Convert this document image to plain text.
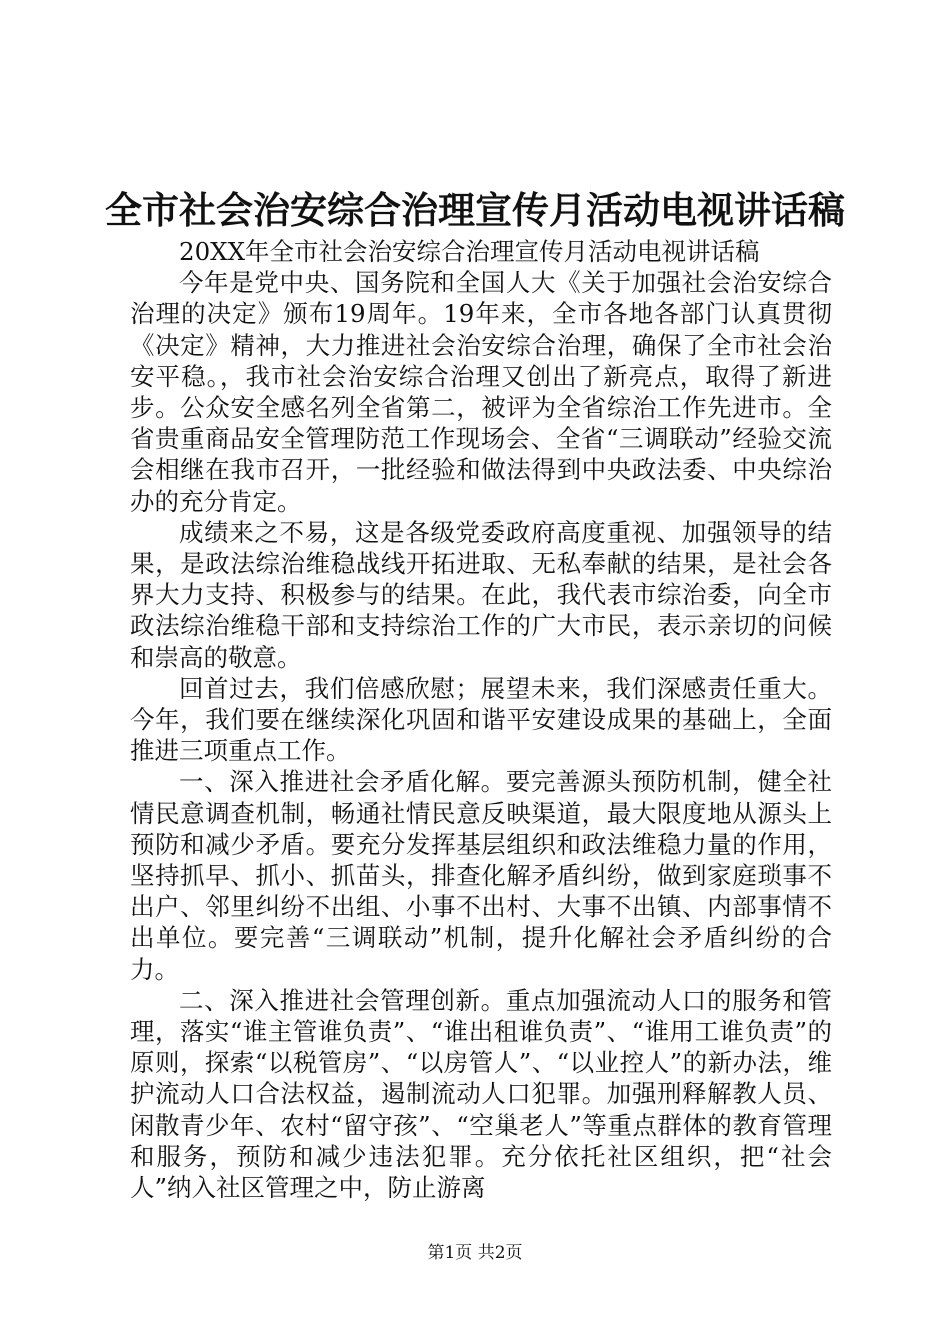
全市社会治安综合治理宣传月活动电视讲话稿

20XX年全市社会治安综合治理宣传月活动电视讲话稿

今年是党中央、国务院和全国人大《关于加强社会治安综合治理的决定》颁布19周年。19年来，全市各地各部门认真贯彻《决定》精神，大力推进社会治安综合治理，确保了全市社会治安平稳。，我市社会治安综合治理又创出了新亮点，取得了新进步。公众安全感名列全省第二，被评为全省综治工作先进市。全省贵重商品安全管理防范工作现场会、全省“三调联动”经验交流会相继在我市召开，一批经验和做法得到中央政法委、中央综治办的充分肯定。

成绩来之不易，这是各级党委政府高度重视、加强领导的结果，是政法综治维稳战线开拓进取、无私奉献的结果，是社会各界大力支持、积极参与的结果。在此，我代表市综治委，向全市政法综治维稳干部和支持综治工作的广大市民，表示亲切的问候和崇高的敬意。

回首过去，我们倍感欣慰；展望未来，我们深感责任重大。今年，我们要在继续深化巩固和谐平安建设成果的基础上，全面推进三项重点工作。

一、深入推进社会矛盾化解。要完善源头预防机制，健全社情民意调查机制，畅通社情民意反映渠道，最大限度地从源头上预防和减少矛盾。要充分发挥基层组织和政法维稳力量的作用，坚持抓早、抓小、抓苗头，排查化解矛盾纠纷，做到家庭琐事不出户、邻里纠纷不出组、小事不出村、大事不出镇、内部事情不出单位。要完善“三调联动”机制，提升化解社会矛盾纠纷的合力。

二、深入推进社会管理创新。重点加强流动人口的服务和管理，落实“谁主管谁负责”、“谁出租谁负责”、“谁用工谁负责”的原则，探索“以税管房”、“以房管人”、“以业控人”的新办法，维护流动人口合法权益，遏制流动人口犯罪。加强刑释解教人员、闲散青少年、农村“留守孩”、“空巢老人”等重点群体的教育管理和服务，预防和减少违法犯罪。充分依托社区组织，把“社会人”纳入社区管理之中，防止游离

第1页 共2页
